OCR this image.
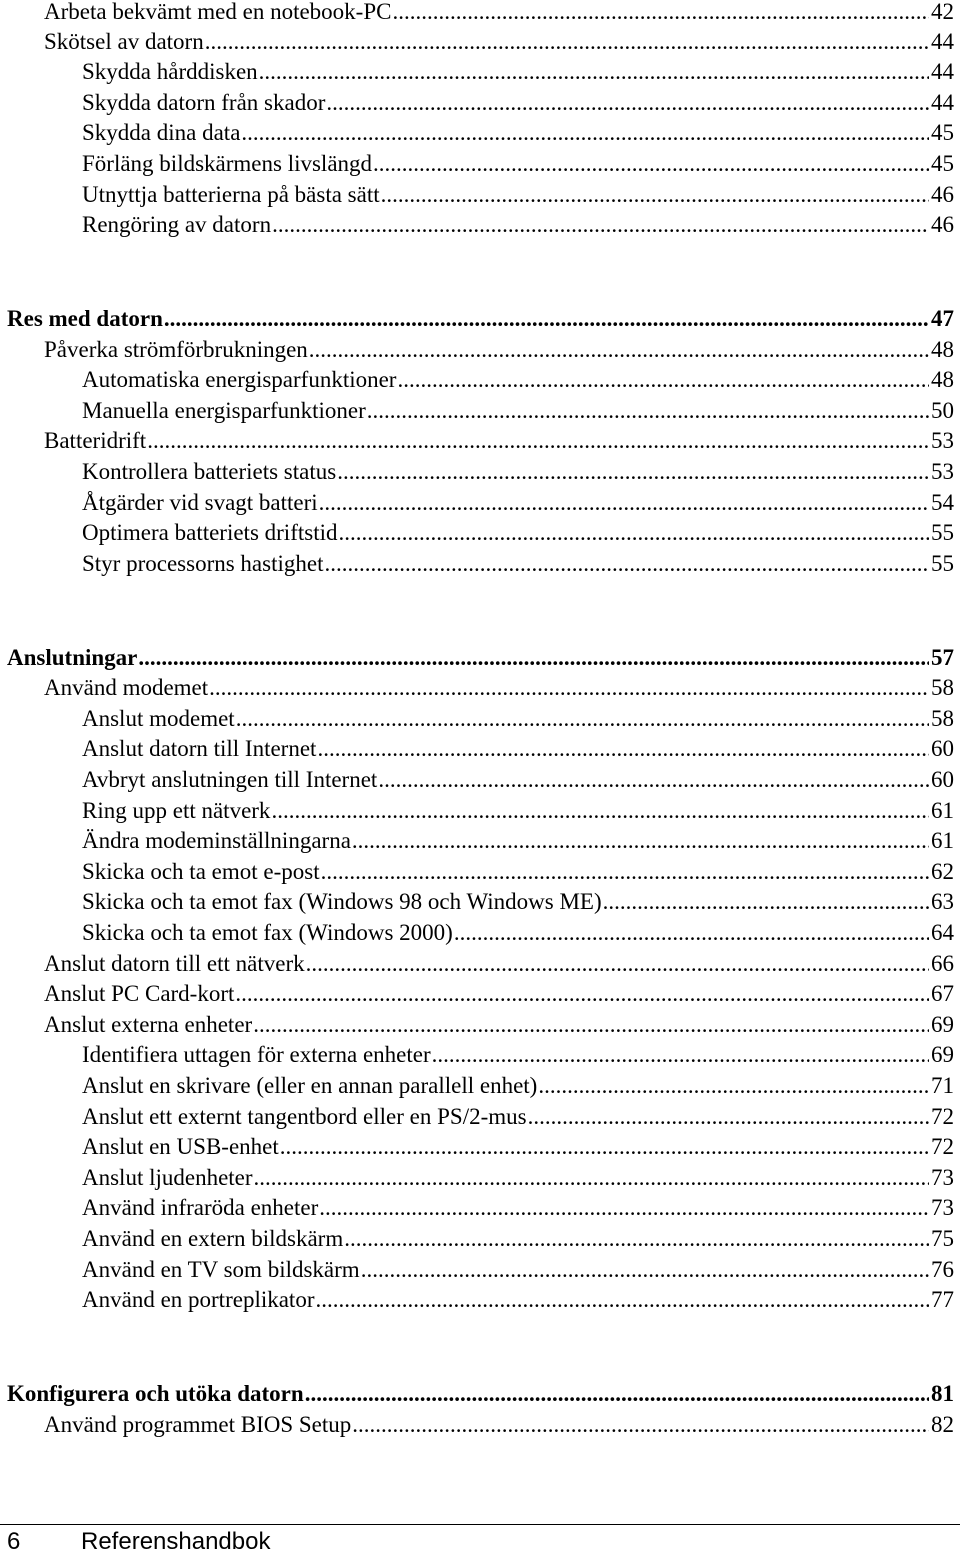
Arbeta bekvämt med en notebook-PC .....	42
Skötsel av datorn .....	44
Skydda hårddisken .....	44
Skydda datorn från skador .....	44
Skydda dina data .....	45
Förläng bildskärmens livslängd .....	45
Utnyttja batterierna på bästa sätt .....	46
Rengöring av datorn .....	46
Res med datorn .....	47
Påverka strömförbrukningen .....	48
Automatiska energisparfunktioner .....	48
Manuella energisparfunktioner .....	50
Batteridrift .....	53
Kontrollera batteriets status .....	53
Åtgärder vid svagt batteri .....	54
Optimera batteriets driftstid .....	55
Styr processorns hastighet .....	55
Anslutningar .....	57
Använd modemet .....	58
Anslut modemet .....	58
Anslut datorn till Internet .....	60
Avbryt anslutningen till Internet .....	60
Ring upp ett nätverk .....	61
Ändra modeminställningarna .....	61
Skicka och ta emot e-post .....	62
Skicka och ta emot fax (Windows 98 och Windows ME) .....	63
Skicka och ta emot fax (Windows 2000) .....	64
Anslut datorn till ett nätverk .....	66
Anslut PC Card-kort .....	67
Anslut externa enheter .....	69
Identifiera uttagen för externa enheter .....	69
Anslut en skrivare (eller en annan parallell enhet) .....	71
Anslut ett externt tangentbord eller en PS/2-mus .....	72
Anslut en USB-enhet .....	72
Anslut ljudenheter .....	73
Använd infraröda enheter .....	73
Använd en extern bildskärm .....	75
Använd en TV som bildskärm .....	76
Använd en portreplikator .....	77
Konfigurera och utöka datorn .....	81
Använd programmet BIOS Setup .....	82
6	Referenshandbok
